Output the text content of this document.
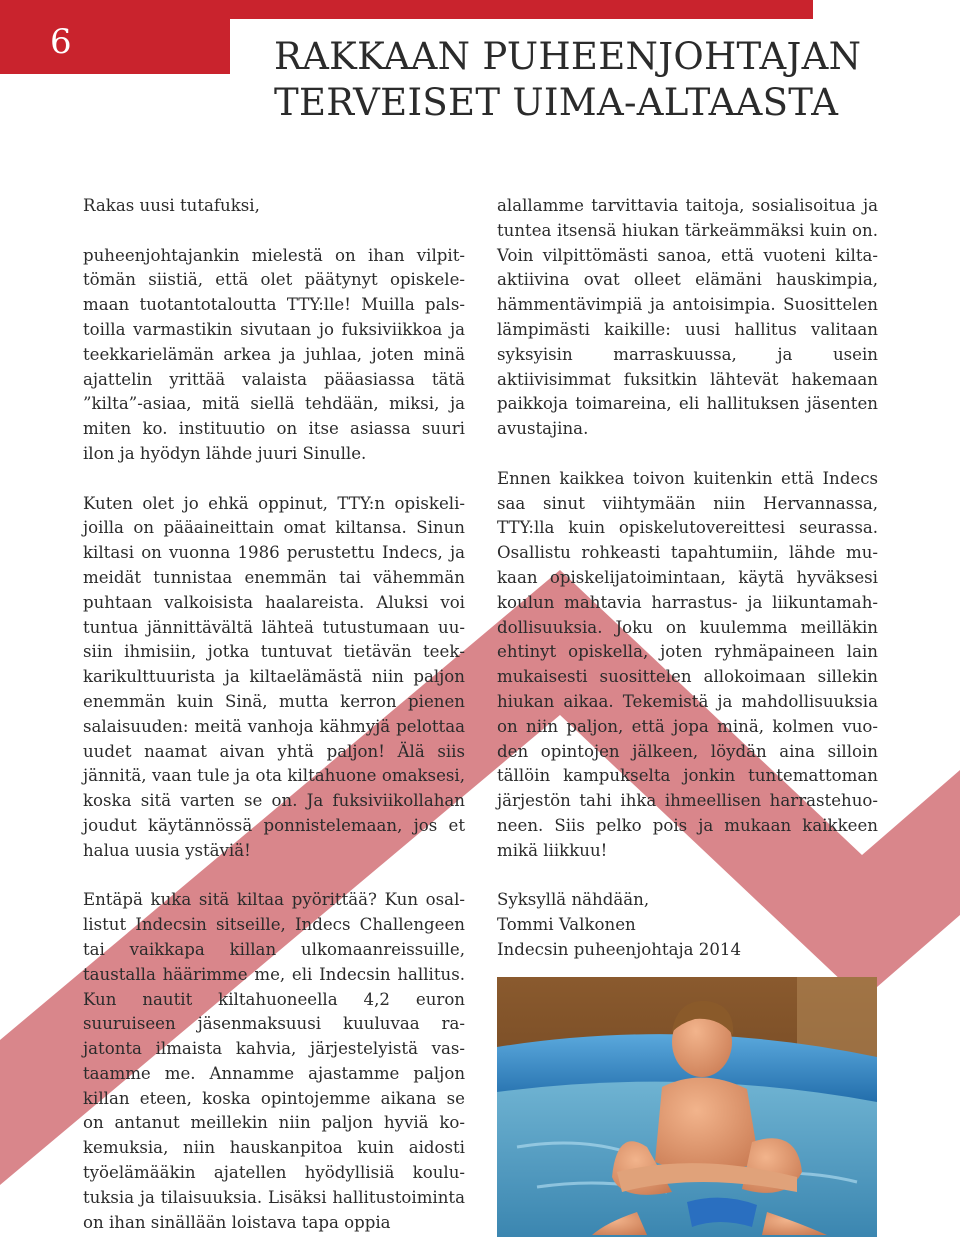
6	RAKKAAN PUHEENJOHTAJAN
TERVEISET UIMA-ALTAASTA

Rakas uusi tutafuksi,

puheenjohtajankin mielestä on ihan vilpittömän siistiä, että olet päätynyt opiskelemaan tuotantotaloutta TTY:lle! Muilla palstoilla varmastikin sivutaan jo fuksiviikkoa ja teekkarielämän arkea ja juhlaa, joten minä ajattelin yrittää valaista pääasiassa tätä ”kilta”-asiaa, mitä siellä tehdään, miksi, ja miten ko. instituutio on itse asiassa suuri ilon ja hyödyn lähde juuri Sinulle.

Kuten olet jo ehkä oppinut, TTY:n opiskelijoilla on pääaineittain omat kiltansa. Sinun kiltasi on vuonna 1986 perustettu Indecs, ja meidät tunnistaa enemmän tai vähemmän puhtaan valkoisista haalareista. Aluksi voi tuntua jännittävältä lähteä tutustumaan uusiin ihmisiin, jotka tuntuvat tietävän teekkarikulttuurista ja kiltaelämästä niin paljon enemmän kuin Sinä, mutta kerron pienen salaisuuden: meitä vanhoja kähmyjä pelottaa uudet naamat aivan yhtä paljon! Älä siis jännitä, vaan tule ja ota kiltahuone omaksesi, koska sitä varten se on. Ja fuksiviikollahan joudut käytännössä ponnistelemaan, jos et halua uusia ystäviä!

Entäpä kuka sitä kiltaa pyörittää? Kun osallistut Indecsin sitseille, Indecs Challengeen tai vaikkapa killan ulkomaanreissuille, taustalla häärimme me, eli Indecsin hallitus. Kun nautit kiltahuoneella 4,2 euron suuruiseen jäsenmaksuusi kuuluvaa rajatonta ilmaista kahvia, järjestelyistä vastaamme me. Annamme ajastamme paljon killan eteen, koska opintojemme aikana se on antanut meillekin niin paljon hyviä kokemuksia, niin hauskanpitoa kuin aidosti työelämääkin ajatellen hyödyllisiä koulutuksia ja tilaisuuksia. Lisäksi hallitustoiminta on ihan sinällään loistava tapa oppia

alallamme tarvittavia taitoja, sosialisoitua ja tuntea itsensä hiukan tärkeämmäksi kuin on. Voin vilpittömästi sanoa, että vuoteni kilta-aktiivina ovat olleet elämäni hauskimpia, hämmentävimpiä ja antoisimpia. Suosittelen lämpimästi kaikille: uusi hallitus valitaan syksyisin marraskuussa, ja usein aktiivisimmat fuksitkin lähtevät hakemaan paikkoja toimareina, eli hallituksen jäsenten avustajina.

Ennen kaikkea toivon kuitenkin että Indecs saa sinut viihtymään niin Hervannassa, TTY:lla kuin opiskelutovereittesi seurassa. Osallistu rohkeasti tapahtumiin, lähde mukaan opiskelijatoimintaan, käytä hyväksesi koulun mahtavia harrastus- ja liikuntamahdollisuuksia. Joku on kuulemma meilläkin ehtinyt opiskella, joten ryhmäpaineen lain mukaisesti suosittelen allokoimaan sillekin hiukan aikaa. Tekemistä ja mahdollisuuksia on niin paljon, että jopa minä, kolmen vuoden opintojen jälkeen, löydän aina silloin tällöin kampukselta jonkin tuntemattoman järjestön tahi ihka ihmeellisen harrastehuoneen. Siis pelko pois ja mukaan kaikkeen mikä liikkuu!

Syksyllä nähdään,

Tommi Valkonen

Indecsin puheenjohtaja 2014
